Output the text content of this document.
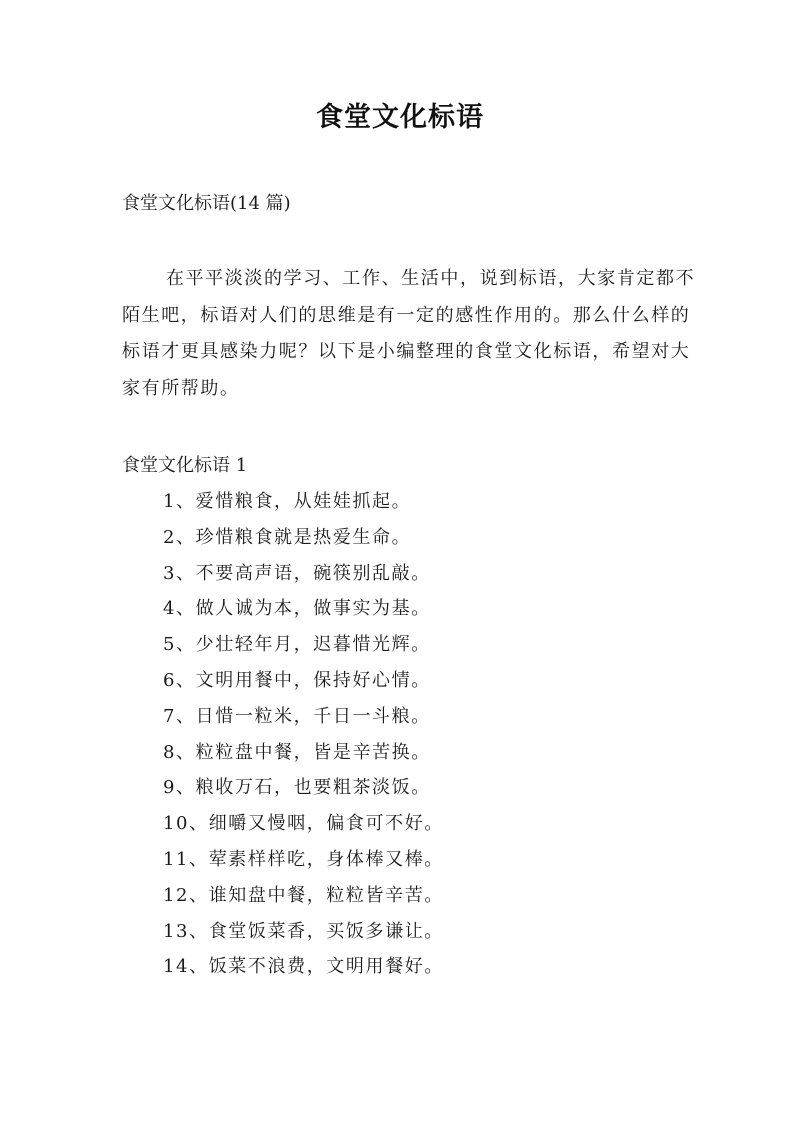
食堂文化标语
食堂文化标语(14 篇)

在平平淡淡的学习、工作、生活中，说到标语，大家肯定都不陌生吧，标语对人们的思维是有一定的感性作用的。那么什么样的标语才更具感染力呢？以下是小编整理的食堂文化标语，希望对大家有所帮助。

食堂文化标语 1
1、爱惜粮食，从娃娃抓起。
2、珍惜粮食就是热爱生命。
3、不要高声语，碗筷别乱敲。
4、做人诚为本，做事实为基。
5、少壮轻年月，迟暮惜光辉。
6、文明用餐中，保持好心情。
7、日惜一粒米，千日一斗粮。
8、粒粒盘中餐，皆是辛苦换。
9、粮收万石，也要粗茶淡饭。
10、细嚼又慢咽，偏食可不好。
11、荤素样样吃，身体棒又棒。
12、谁知盘中餐，粒粒皆辛苦。
13、食堂饭菜香，买饭多谦让。
14、饭菜不浪费，文明用餐好。
